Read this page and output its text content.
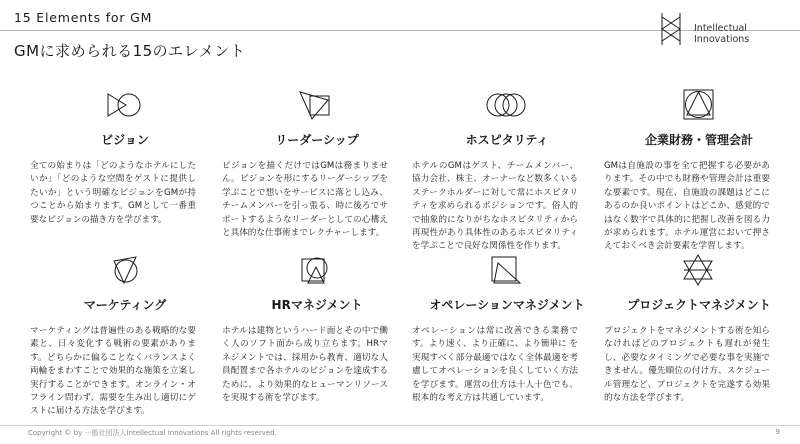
15 Elements for GM
Intellectual Innovations
GMに求められる15のエレメント
ビジョン
全ての始まりは「どのようなホテルにしたいか」「どのような空間をゲストに提供したいか」という明確なビジョンをGMが持つことから始まります。GMとして一番重要なビジョンの描き方を学びます。
リーダーシップ
ビジョンを描くだけではGMは務まりません。ビジョンを形にするリーダーシップを学ぶことで想いをサービスに落とし込み、チームメンバーを引っ張る、時に後ろでサポートするようなリーダーとしての心構えと具体的な仕事術までレクチャーします。
ホスピタリティ
ホテルのGMはゲスト、チームメンバー、協力会社、株主、オーナーなど数多くいるステークホルダーに対して常にホスピタリティを求められるポジションです。俗人的で抽象的になりがちなホスピタリティから再現性があり具体性のあるホスピタリティを学ぶことで良好な関係性を作ります。
企業財務・管理会計
GMは自施設の事を全て把握する必要があります。その中でも財務や管理会計は重要な要素です。現在、自施設の課題はどこにあるのか良いポイントはどこか、感覚的ではなく数字で具体的に把握し改善を図る力が求められます。ホテル運営において押さえておくべき会計要素を学習します。
マーケティング
マーケティングは普遍性のある戦略的な要素と、日々変化する戦術の要素があります。どちらかに偏ることなくバランスよく両輪をまわすことで効果的な施策を立案し実行することができます。オンライン・オフライン問わず、需要を生み出し適切にゲストに届ける方法を学びます。
HRマネジメント
ホテルは建物というハード面とその中で働く人のソフト面から成り立ちます。HRマネジメントでは、採用から教育、適切な人員配置まで各ホテルのビジョンを達成するために、より効果的なヒューマンリソースを実現する術を学びます。
オペレーションマネジメント
オペレーションは常に改善できる業務です。より速く、より正確に、より簡単に を実現すべく部分最適ではなく全体最適を考慮してオペレーションを良くしていく方法を学びます。運営の仕方は十人十色でも、根本的な考え方は共通しています。
プロジェクトマネジメント
プロジェクトをマネジメントする術を知らなければどのプロジェクトも遅れが発生し、必要なタイミングで必要な事を実施できません。優先順位の付け方、スケジュール管理など、プロジェクトを完遂する効果的な方法を学びます。
Copyright © by 一般社団法人Intellectual Innovations All rights reserved.	9
